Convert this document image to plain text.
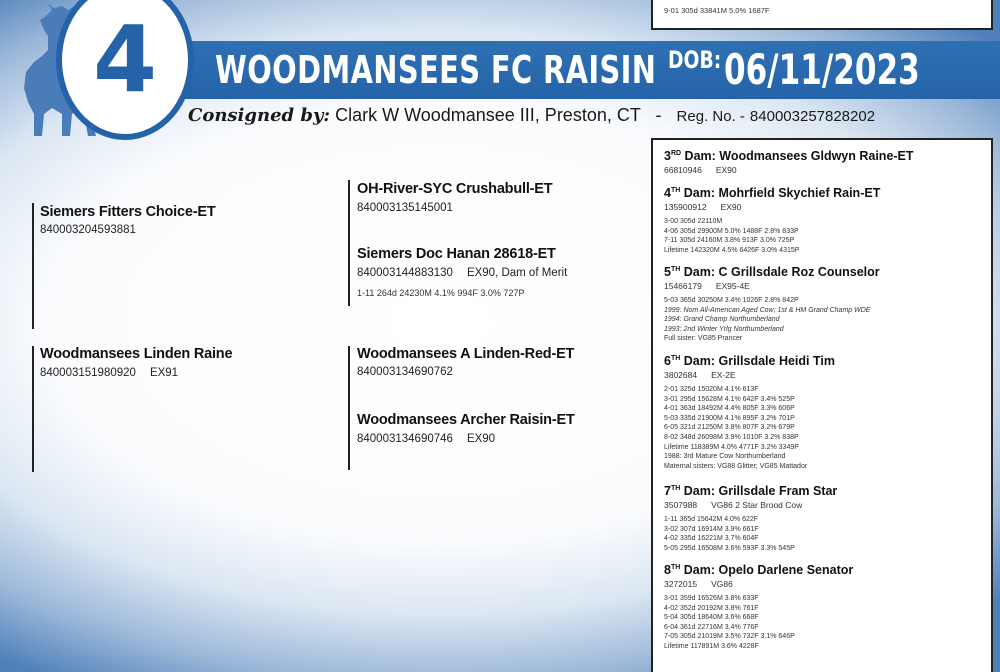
4	WOODMANSEES FC RAISIN DOB: 06/11/2023
Consigned by: Clark W Woodmansee III, Preston, CT - Reg. No. - 840003257828202
9-01 305d 33841M 5.0% 1687F
3RD Dam: Woodmansees Gldwyn Raine-ET
66810946 EX90
4TH Dam: Mohrfield Skychief Rain-ET
135900912 EX90
3-00 305d 22110M
4-06 305d 29900M 5.0% 1488F 2.8% 833P
7-11 305d 24160M 3.8% 913F 3.0% 725P
Lifetime 142320M 4.5% 6426F 3.0% 4315P
5TH Dam: C Grillsdale Roz Counselor
15466179 EX95-4E
5-03 365d 30250M 3.4% 1026F 2.8% 842P
1999: Nom All-American Aged Cow; 1st & HM Grand Champ WDE
1994: Grand Champ Northumberland
1993: 2nd Winter Yrlg Northumberland
Full sister: VG85 Prancer
6TH Dam: Grillsdale Heidi Tim
3802684 EX-2E
2-01 325d 15020M 4.1% 613F
3-01 295d 15628M 4.1% 642F 3.4% 525P
4-01 363d 18492M 4.4% 805F 3.3% 606P
5-03 335d 21900M 4.1% 895F 3.2% 701P
6-05 321d 21250M 3.8% 807F 3.2% 679P
8-02 348d 26098M 3.9% 1010F 3.2% 838P
Lifetime 118389M 4.0% 4771F 3.2% 3349P
1988: 3rd Mature Cow Northumberland
Maternal sisters: VG88 Glitter; VG85 Mattador
7TH Dam: Grillsdale Fram Star
3507988 VG86 2 Star Brood Cow
1-11 365d 15642M 4.0% 622F
3-02 307d 16914M 3.9% 661F
4-02 335d 16221M 3.7% 604F
5-05 295d 16508M 3.6% 593F 3.3% 545P
8TH Dam: Opelo Darlene Senator
3272015 VG86
3-01 359d 16526M 3.8% 633F
4-02 352d 20192M 3.8% 761F
5-04 305d 18640M 3.6% 668F
6-04 361d 22716M 3.4% 776F
7-05 305d 21019M 3.5% 732F 3.1% 646P
Lifetime 117891M 3.6% 4228F
Siemers Fitters Choice-ET
840003204593881
Woodmansees Linden Raine
840003151980920 EX91
OH-River-SYC Crushabull-ET
840003135145001
Siemers Doc Hanan 28618-ET
840003144883130 EX90, Dam of Merit
1-11 264d 24230M 4.1% 994F 3.0% 727P
Woodmansees A Linden-Red-ET
840003134690762
Woodmansees Archer Raisin-ET
840003134690746 EX90
